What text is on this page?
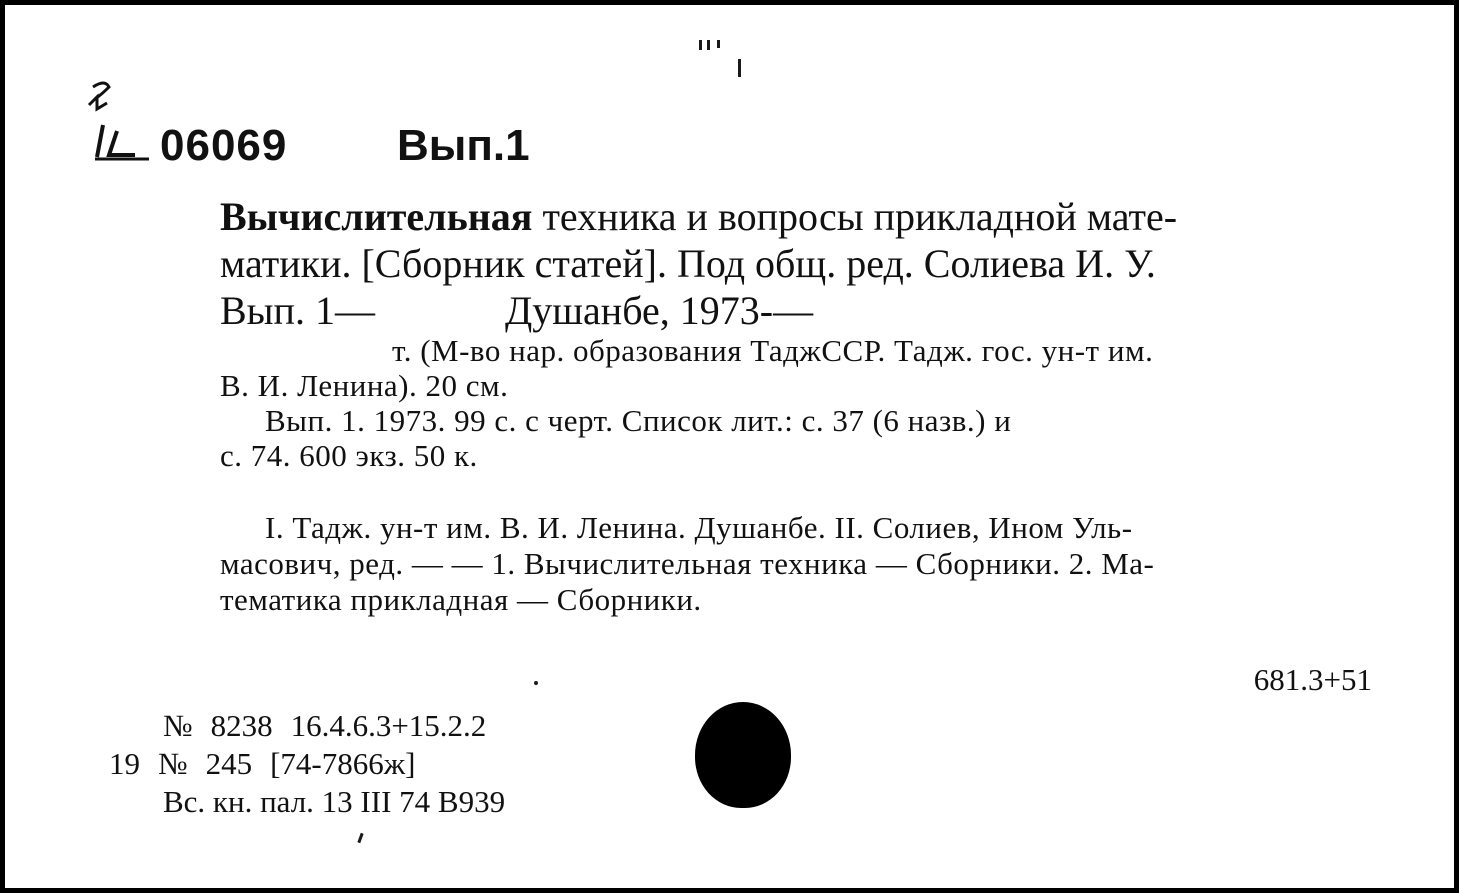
06069 Вып.1
Вычислительная техника и вопросы прикладной мате-
матики. [Сборник статей]. Под общ. ред. Солиева И. У.
Вып. 1—	Душанбе, 1973-—
т. (М-во нар. образования ТаджССР. Тадж. гос. ун-т им.
В. И. Ленина). 20 см.
Вып. 1. 1973. 99 с. с черт. Список лит.: с. 37 (6 назв.) и
с. 74. 600 экз. 50 к.
I. Тадж. ун-т им. В. И. Ленина. Душанбе. II. Солиев, Ином Уль-
масович, ред. — — 1. Вычислительная техника — Сборники. 2. Ма-
тематика прикладная — Сборники.
681.3+51
№ 8238 16.4.6.3+15.2.2
19 № 245 [74-7866ж]
Вс. кн. пал. 13 III 74 В939
